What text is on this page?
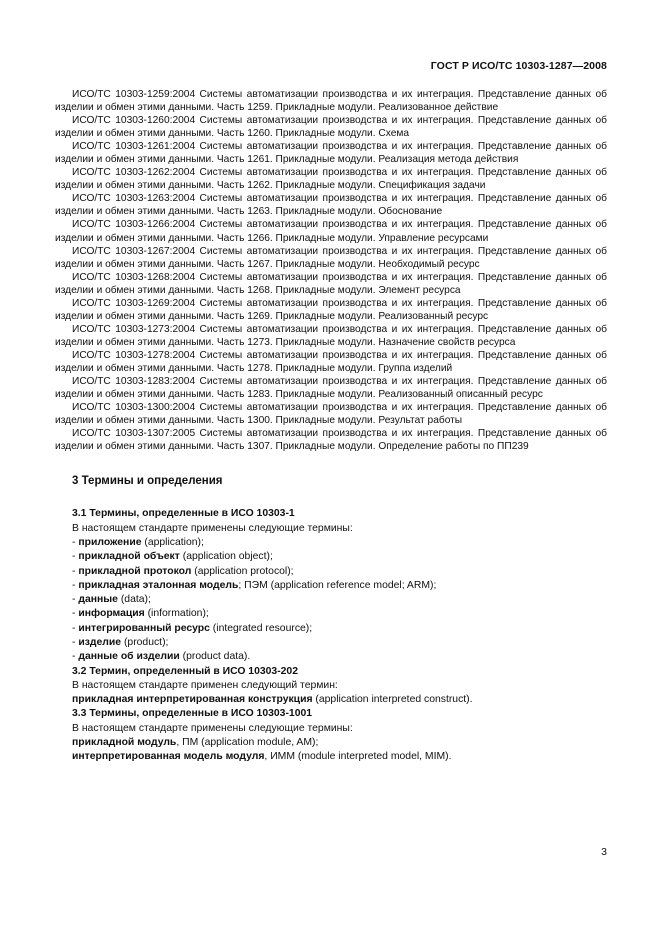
ГОСТ Р ИСО/ТС 10303-1287—2008

ИСО/ТС 10303-1259:2004 Системы автоматизации производства и их интеграция. Представление данных об изделии и обмен этими данными. Часть 1259. Прикладные модули. Реализованное действие

ИСО/ТС 10303-1260:2004 Системы автоматизации производства и их интеграция. Представление данных об изделии и обмен этими данными. Часть 1260. Прикладные модули. Схема

ИСО/ТС 10303-1261:2004 Системы автоматизации производства и их интеграция. Представление данных об изделии и обмен этими данными. Часть 1261. Прикладные модули. Реализация метода действия

ИСО/ТС 10303-1262:2004 Системы автоматизации производства и их интеграция. Представление данных об изделии и обмен этими данными. Часть 1262. Прикладные модули. Спецификация задачи

ИСО/ТС 10303-1263:2004 Системы автоматизации производства и их интеграция. Представление данных об изделии и обмен этими данными. Часть 1263. Прикладные модули. Обоснование

ИСО/ТС 10303-1266:2004 Системы автоматизации производства и их интеграция. Представление данных об изделии и обмен этими данными. Часть 1266. Прикладные модули. Управление ресурсами

ИСО/ТС 10303-1267:2004 Системы автоматизации производства и их интеграция. Представление данных об изделии и обмен этими данными. Часть 1267. Прикладные модули. Необходимый ресурс

ИСО/ТС 10303-1268:2004 Системы автоматизации производства и их интеграция. Представление данных об изделии и обмен этими данными. Часть 1268. Прикладные модули. Элемент ресурса

ИСО/ТС 10303-1269:2004 Системы автоматизации производства и их интеграция. Представление данных об изделии и обмен этими данными. Часть 1269. Прикладные модули. Реализованный ресурс

ИСО/ТС 10303-1273:2004 Системы автоматизации производства и их интеграция. Представление данных об изделии и обмен этими данными. Часть 1273. Прикладные модули. Назначение свойств ресурса

ИСО/ТС 10303-1278:2004 Системы автоматизации производства и их интеграция. Представление данных об изделии и обмен этими данными. Часть 1278. Прикладные модули. Группа изделий

ИСО/ТС 10303-1283:2004 Системы автоматизации производства и их интеграция. Представление данных об изделии и обмен этими данными. Часть 1283. Прикладные модули. Реализованный описанный ресурс

ИСО/ТС 10303-1300:2004 Системы автоматизации производства и их интеграция. Представление данных об изделии и обмен этими данными. Часть 1300. Прикладные модули. Результат работы

ИСО/ТС 10303-1307:2005 Системы автоматизации производства и их интеграция. Представление данных об изделии и обмен этими данными. Часть 1307. Прикладные модули. Определение работы по ПП239

3 Термины и определения
3.1 Термины, определенные в ИСО 10303-1
В настоящем стандарте применены следующие термины:
- приложение (application);
- прикладной объект (application object);
- прикладной протокол (application protocol);
- прикладная эталонная модель; ПЭМ (application reference model; ARM);
- данные (data);
- информация (information);
- интегрированный ресурс (integrated resource);
- изделие (product);
- данные об изделии (product data).
3.2 Термин, определенный в ИСО 10303-202
В настоящем стандарте применен следующий термин:
прикладная интерпретированная конструкция (application interpreted construct).
3.3 Термины, определенные в ИСО 10303-1001
В настоящем стандарте применены следующие термины:
прикладной модуль, ПМ (application module, AM);
интерпретированная модель модуля, ИММ (module interpreted model, MIM).
3
